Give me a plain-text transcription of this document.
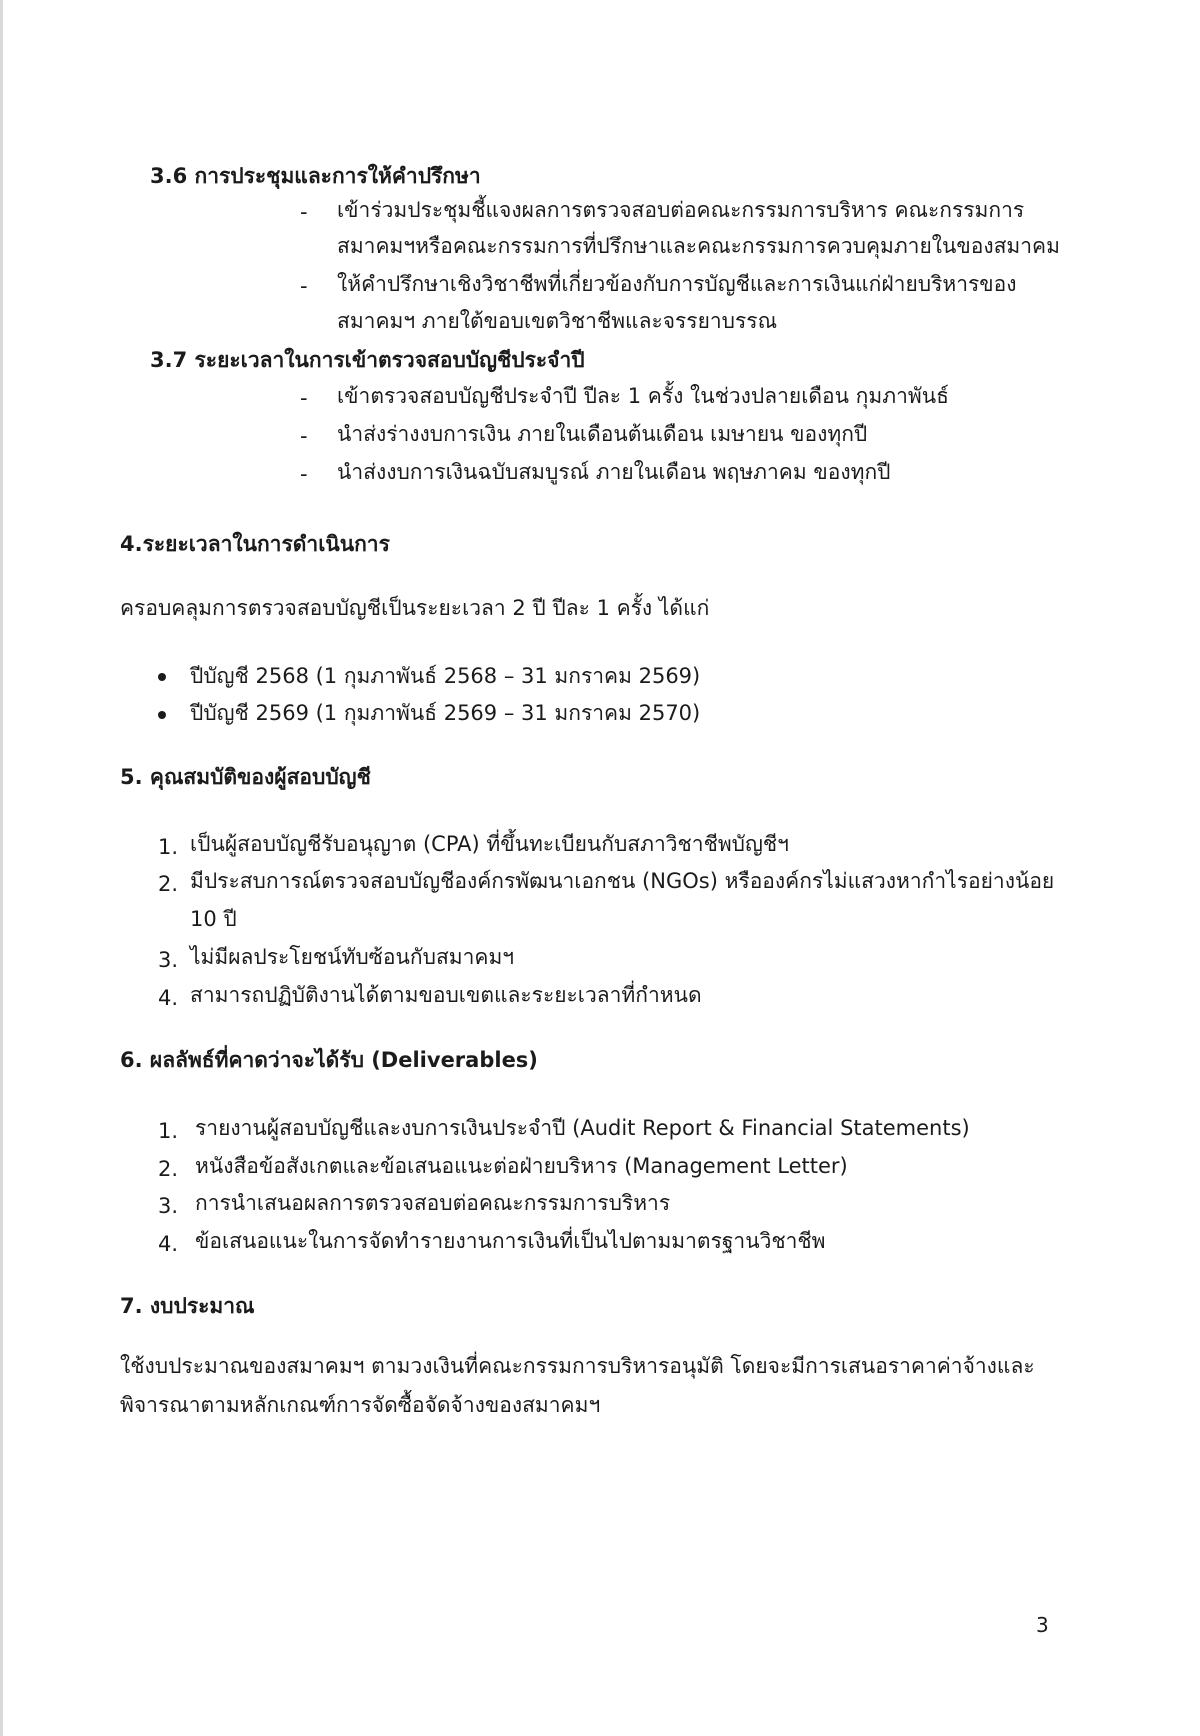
3.6 การประชุมและการให้คำปรึกษา
- เข้าร่วมประชุมชี้แจงผลการตรวจสอบต่อคณะกรรมการบริหาร คณะกรรมการ
สมาคมฯหรือคณะกรรมการที่ปรึกษาและคณะกรรมการควบคุมภายในของสมาคม
- ให้คำปรึกษาเชิงวิชาชีพที่เกี่ยวข้องกับการบัญชีและการเงินแก่ฝ่ายบริหารของ
สมาคมฯ ภายใต้ขอบเขตวิชาชีพและจรรยาบรรณ
3.7 ระยะเวลาในการเข้าตรวจสอบบัญชีประจำปี
- เข้าตรวจสอบบัญชีประจำปี ปีละ 1 ครั้ง ในช่วงปลายเดือน กุมภาพันธ์
- นำส่งร่างงบการเงิน ภายในเดือนต้นเดือน เมษายน ของทุกปี
- นำส่งงบการเงินฉบับสมบูรณ์ ภายในเดือน พฤษภาคม ของทุกปี
4.ระยะเวลาในการดำเนินการ
ครอบคลุมการตรวจสอบบัญชีเป็นระยะเวลา 2 ปี ปีละ 1 ครั้ง ได้แก่
ปีบัญชี 2568 (1 กุมภาพันธ์ 2568 – 31 มกราคม 2569)
ปีบัญชี 2569 (1 กุมภาพันธ์ 2569 – 31 มกราคม 2570)
5. คุณสมบัติของผู้สอบบัญชี
1. เป็นผู้สอบบัญชีรับอนุญาต (CPA) ที่ขึ้นทะเบียนกับสภาวิชาชีพบัญชีฯ
2. มีประสบการณ์ตรวจสอบบัญชีองค์กรพัฒนาเอกชน (NGOs) หรือองค์กรไม่แสวงหากำไรอย่างน้อย
10 ปี
3. ไม่มีผลประโยชน์ทับซ้อนกับสมาคมฯ
4. สามารถปฏิบัติงานได้ตามขอบเขตและระยะเวลาที่กำหนด
6. ผลลัพธ์ที่คาดว่าจะได้รับ (Deliverables)
1. รายงานผู้สอบบัญชีและงบการเงินประจำปี (Audit Report & Financial Statements)
2. หนังสือข้อสังเกตและข้อเสนอแนะต่อฝ่ายบริหาร (Management Letter)
3. การนำเสนอผลการตรวจสอบต่อคณะกรรมการบริหาร
4. ข้อเสนอแนะในการจัดทำรายงานการเงินที่เป็นไปตามมาตรฐานวิชาชีพ
7. งบประมาณ
ใช้งบประมาณของสมาคมฯ ตามวงเงินที่คณะกรรมการบริหารอนุมัติ โดยจะมีการเสนอราคาค่าจ้างและ
พิจารณาตามหลักเกณฑ์การจัดซื้อจัดจ้างของสมาคมฯ
3
